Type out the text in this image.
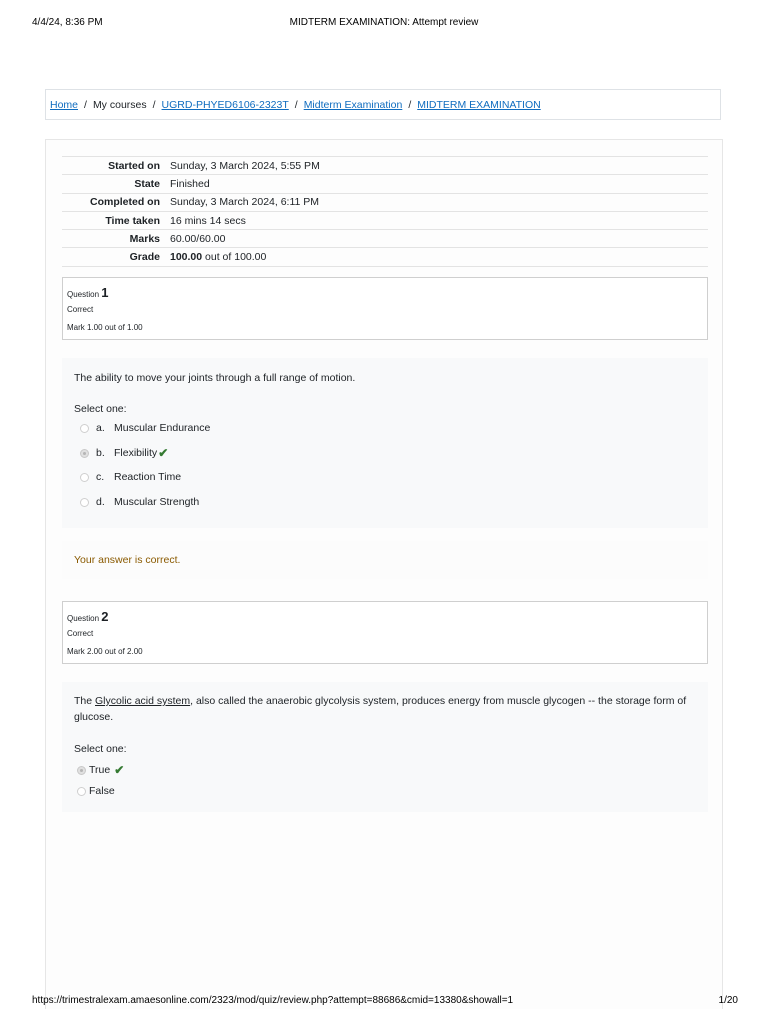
4/4/24, 8:36 PM	MIDTERM EXAMINATION: Attempt review
Home / My courses / UGRD-PHYED6106-2323T / Midterm Examination / MIDTERM EXAMINATION
Started on	Sunday, 3 March 2024, 5:55 PM
State	Finished
Completed on	Sunday, 3 March 2024, 6:11 PM
Time taken	16 mins 14 secs
Marks	60.00/60.00
Grade	100.00 out of 100.00
Question 1
Correct
Mark 1.00 out of 1.00
The ability to move your joints through a full range of motion.
Select one:
a. Muscular Endurance
b. Flexibility ✔
c. Reaction Time
d. Muscular Strength
Your answer is correct.
Question 2
Correct
Mark 2.00 out of 2.00
The Glycolic acid system, also called the anaerobic glycolysis system, produces energy from muscle glycogen -- the storage form of glucose.
Select one:
True ✔
False
https://trimestralexam.amaesonline.com/2323/mod/quiz/review.php?attempt=88686&cmid=13380&showall=1	1/20
